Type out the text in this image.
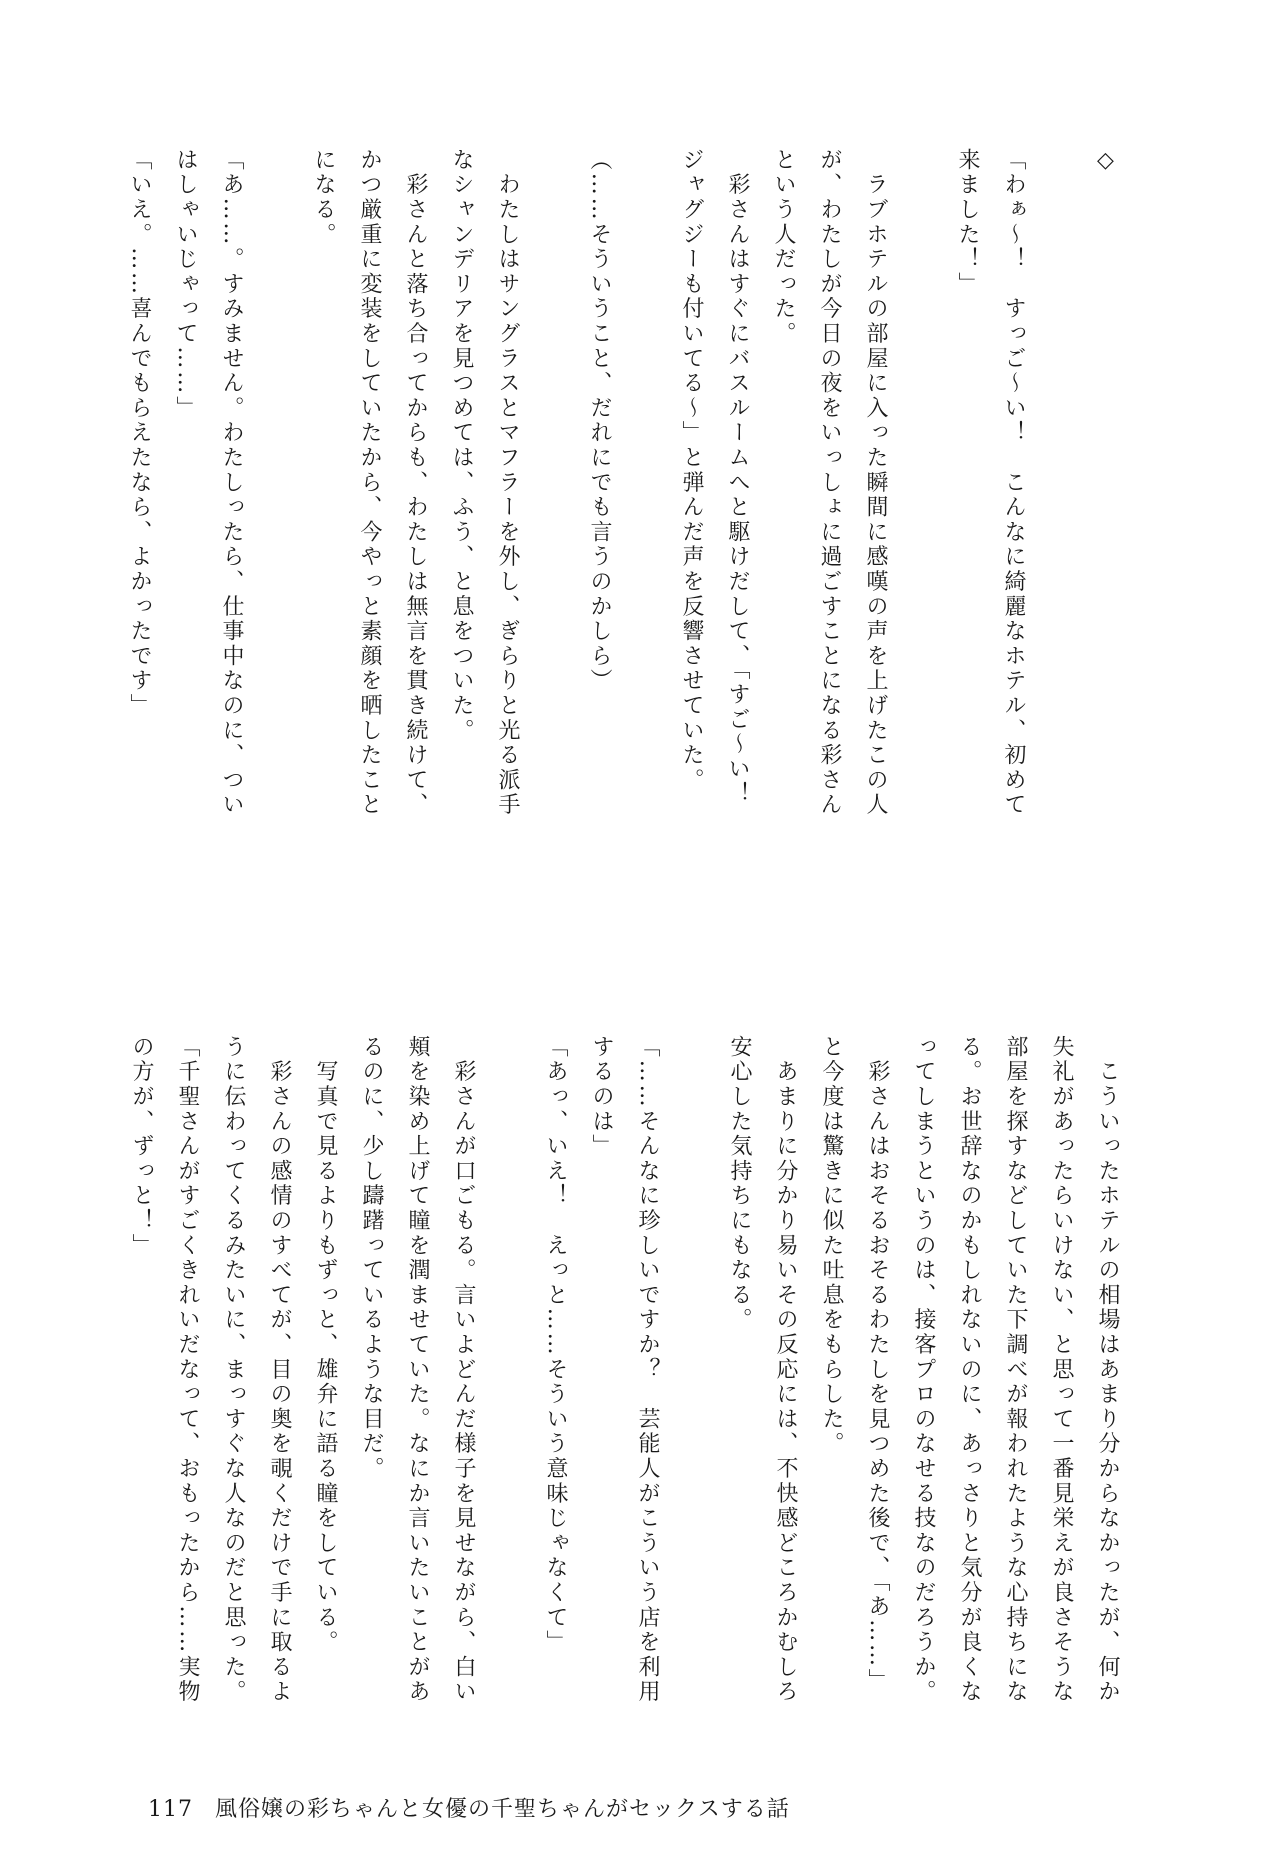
◇

「わぁ〜！　すっご〜い！　こんなに綺麗なホテル、初めて
来ました！」

　ラブホテルの部屋に入った瞬間に感嘆の声を上げたこの人
が、わたしが今日の夜をいっしょに過ごすことになる彩さん
という人だった。
　彩さんはすぐにバスルームへと駆けだして、「すご〜い！
ジャグジーも付いてる〜」と弾んだ声を反響させていた。

（……そういうこと、だれにでも言うのかしら）

　わたしはサングラスとマフラーを外し、ぎらりと光る派手
なシャンデリアを見つめては、ふう、と息をついた。
　彩さんと落ち合ってからも、わたしは無言を貫き続けて、
かつ厳重に変装をしていたから、今やっと素顔を晒したこと
になる。

「あ……。すみません。わたしったら、仕事中なのに、つい
はしゃいじゃって……」
「いえ。……喜んでもらえたなら、よかったです」
　こういったホテルの相場はあまり分からなかったが、何か
失礼があったらいけない、と思って一番見栄えが良さそうな
部屋を探すなどしていた下調べが報われたような心持ちにな
る。お世辞なのかもしれないのに、あっさりと気分が良くな
ってしまうというのは、接客プロのなせる技なのだろうか。
　彩さんはおそるおそるわたしを見つめた後で、「あ……」
と今度は驚きに似た吐息をもらした。
　あまりに分かり易いその反応には、不快感どころかむしろ
安心した気持ちにもなる。

「……そんなに珍しいですか？　芸能人がこういう店を利用
するのは」
「あっ、いえ！　えっと……そういう意味じゃなくて」

　彩さんが口ごもる。言いよどんだ様子を見せながら、白い
頬を染め上げて瞳を潤ませていた。なにか言いたいことがあ
るのに、少し躊躇っているような目だ。
　写真で見るよりもずっと、雄弁に語る瞳をしている。
　彩さんの感情のすべてが、目の奥を覗くだけで手に取るよ
うに伝わってくるみたいに、まっすぐな人なのだと思った。
「千聖さんがすごくきれいだなって、おもったから……実物
の方が、ずっと！」
117 風俗嬢の彩ちゃんと女優の千聖ちゃんがセックスする話
